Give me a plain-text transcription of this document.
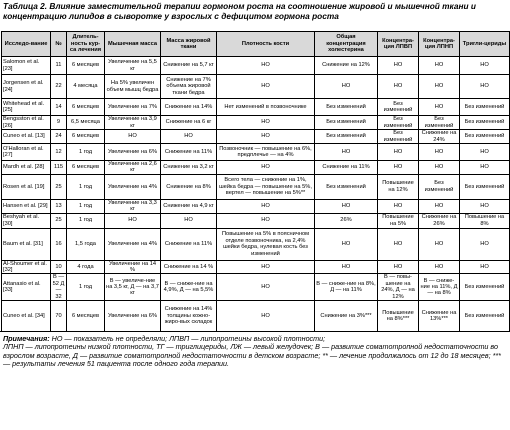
Таблица 2. Влияние заместительной терапии гормоном роста на соотношение жировой и мышечной ткани и концентрацию липидов в сыворотке у взрослых с дефицитом гормона роста
Исследо-вание	№	Длитель-ность кур-са лечения	Мышечная масса	Масса жировой ткани	Плотность кости	Общая концентрация холестерина	Концентра-ция ЛПВП	Концентра-ция ЛПНП	Тригли-цериды
Salomon et al. [23]	11	6 месяцев	Увеличение на 5,5 кг	Снижение на 5,7 кг	НО	Снижение на 12%	НО	НО	НО
Jorgensen et al. [24]	22	4 месяца	На 5% увеличен объем мышц бедра	Снижение на 7% объема жировой ткани бедра	НО	НО	НО	НО	НО
Whitehead et al. [25]	14	6 месяцев	Увеличение на 7%	Снижение на 14%	Нет изменений в позвоночнике	Без изменений	Без изменений	НО	Без изменений
Bengsston et al. [26]	9	6,5 месяца	Увеличение на 3,9 кг	Снижение на 6 кг	НО	Без изменений	Без изменений	Без изменений	Без изменений
Cuneo et al. [13]	24	6 месяцев	НО	НО	НО	Без изменений	Без изменений	Снижение на 24%	Без изменений
O'Halloran et al. [27]	12	1 год	Увеличение на 6%	Снижение на 11%	Позвоночник — повышение на 6%, предплечье — на 4%	НО	НО	НО	НО
Mardh et al. [28]	115	6 месяцев	Увеличение на 2,6 кг	Снижение на 3,2 кг	НО	Снижение на 11%	НО	НО	НО
Rosen et al. [19]	25	1 год	Увеличение на 4%	Снижение на 8%	Всего тела — снижение на 1%, шейка бедра — повышение на 5%, вертел — повышение на 5%**	Без изменений	Повышение на 12%	Без изменений	Без изменений
Hansen et al. [29]	13	1 год	Увеличение на 3,3 кг	Снижение на 4,9 кг	НО	НО	НО	НО	НО
Beshyah et al. [30]	25	1 год	НО	НО	НО	26%	Повышение на 5%	Снижение на 26%	Повышение на 8%
Baum et al. [31]	16	1,5 года	Увеличение на 4%	Снижение на 11%	Повышение на 5% в поясничном отделе позвоночника, на 2,4% шейки бедра, нулевая кость без изменений	НО	НО	НО	НО
Al-Shoumer et al. [32]	10	4 года	Увеличение на 14 %	Снижение на 14 %	НО	НО	НО	НО	НО
Attanasio et al. [33]	В — 52 Д — 32	1 год	В — увеличе-ние на 3,5 кг, Д — на 3,7 кг	В — сниже-ние на 4,9%, Д — на 5,5%	НО	В — сниже-ние на 8%, Д — на 11%	В — повы-шение на 24%, Д — на 12%	В — сниже-ние на 11%, Д — на 8%	Без изменений
Cuneo et al. [34]	70	6 месяцев	Увеличение на 6%	Снижение на 14% толщины кожно-жиро-вых складок	НО	Снижение на 3%***	Повышение на 8%***	Снижение на 13%***	Без изменений
Примечания: НО — показатель не определяли; ЛПВП — липопротеины высокой плотности;
ЛПНП — липопротеины низкой плотности, ТГ — триглицериды, ЛЖ — левый желудочек; В — развитие соматотропной недостаточности во взрослом возрасте, Д — развитие соматотропной недостаточности в детском возрасте; ** — лечение продолжалось от 12 до 18 месяцев; *** — результаты лечения 51 пациента после одного года терапии.
